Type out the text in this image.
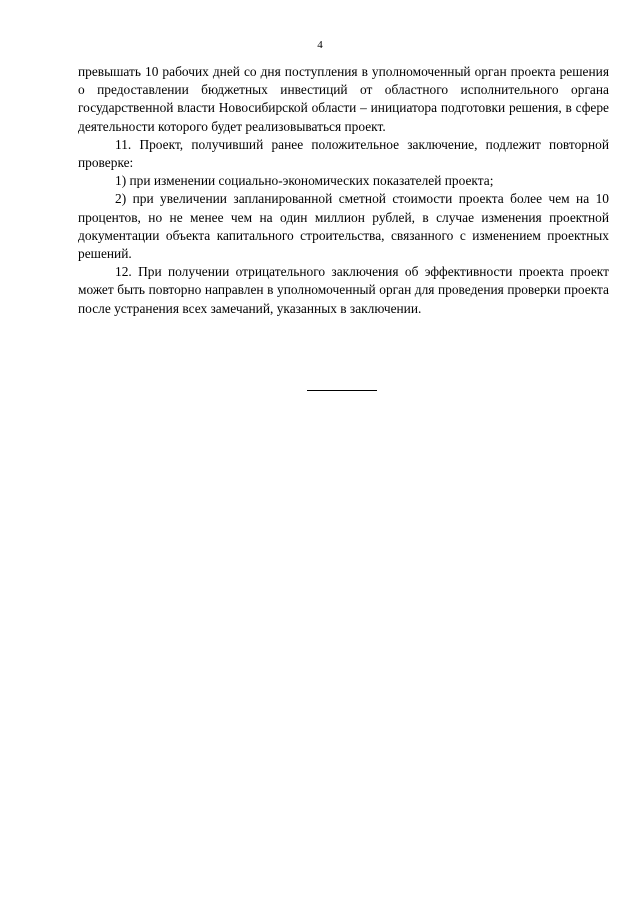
4

превышать 10 рабочих дней со дня поступления в уполномоченный орган проекта решения о предоставлении бюджетных инвестиций от областного исполнительного органа государственной власти Новосибирской области – инициатора подготовки решения, в сфере деятельности которого будет реализовываться проект.

11. Проект, получивший ранее положительное заключение, подлежит повторной проверке:

1) при изменении социально-экономических показателей проекта;

2) при увеличении запланированной сметной стоимости проекта более чем на 10 процентов, но не менее чем на один миллион рублей, в случае изменения проектной документации объекта капитального строительства, связанного с изменением проектных решений.

12. При получении отрицательного заключения об эффективности проекта проект может быть повторно направлен в уполномоченный орган для проведения проверки проекта после устранения всех замечаний, указанных в заключении.
